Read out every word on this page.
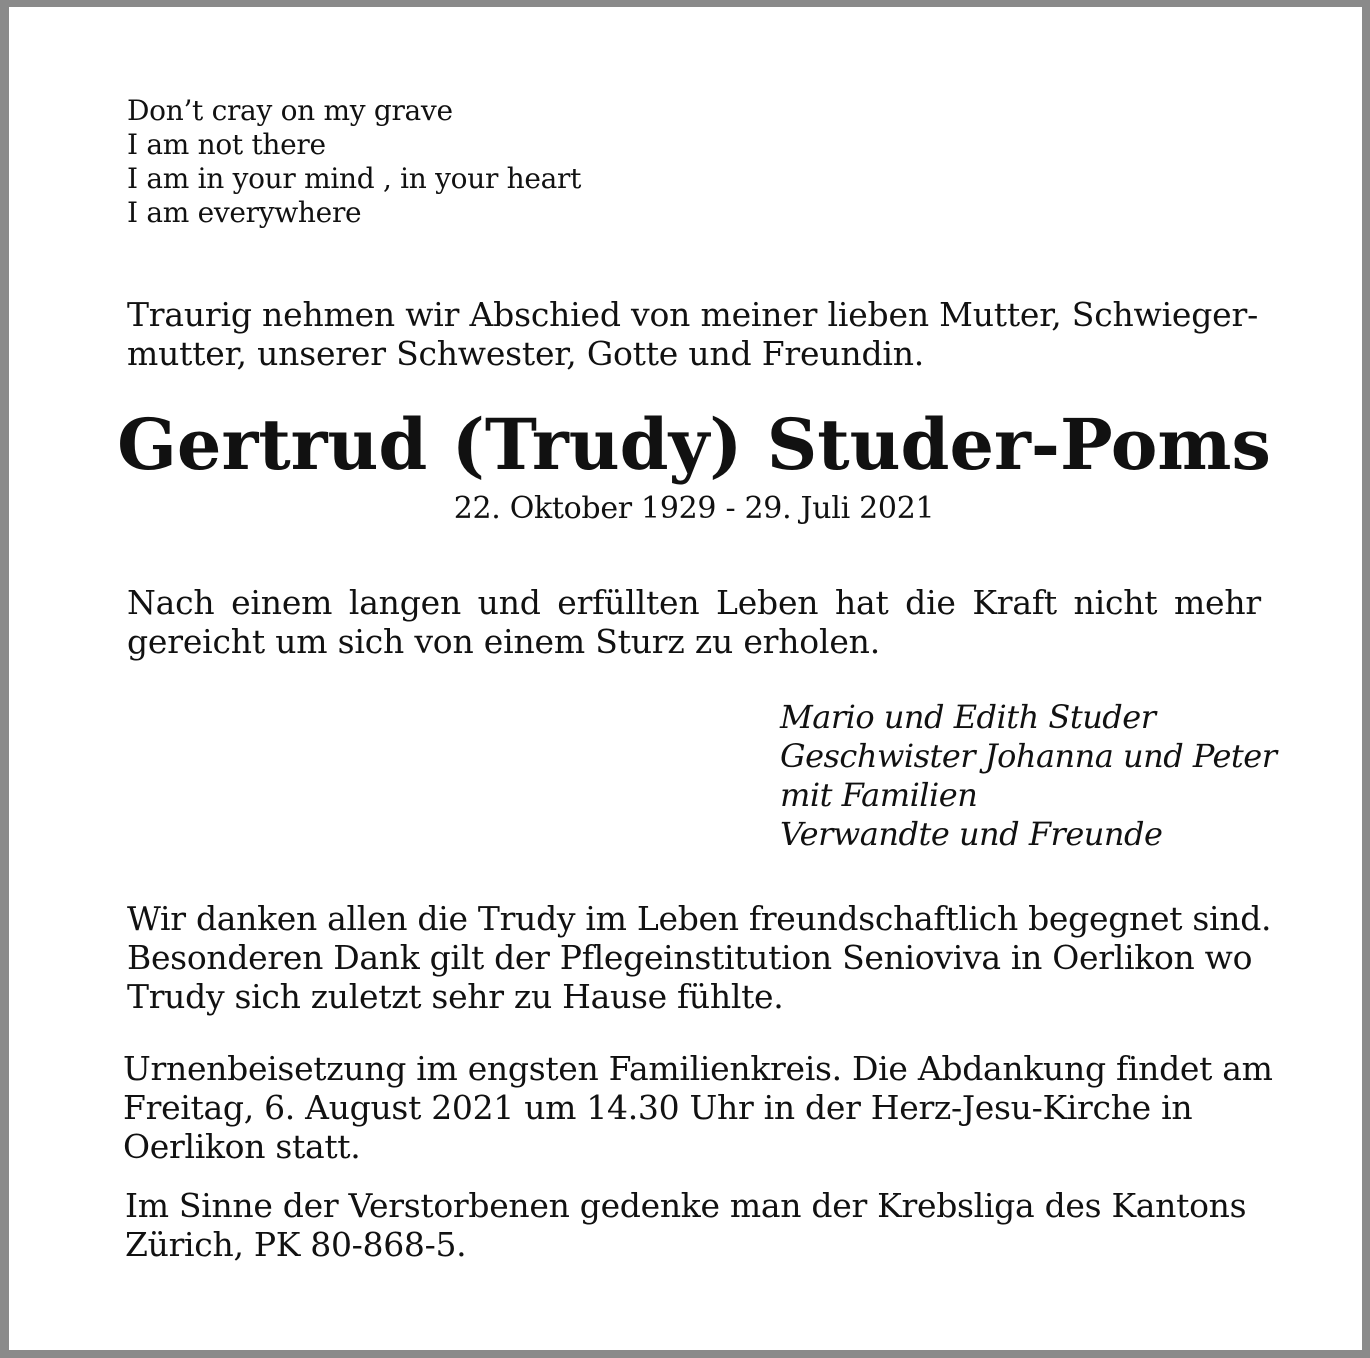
Don’t cray on my grave
I am not there
I am in your mind , in your heart
I am everywhere
Traurig nehmen wir Abschied von meiner lieben Mutter, Schwiegermutter, unserer Schwester, Gotte und Freundin.
Gertrud (Trudy) Studer-Poms
22. Oktober 1929 - 29. Juli 2021
Nach einem langen und erfüllten Leben hat die Kraft nicht mehr gereicht um sich von einem Sturz zu erholen.
Mario und Edith Studer
Geschwister Johanna und Peter
mit Familien
Verwandte und Freunde
Wir danken allen die Trudy im Leben freundschaftlich begegnet sind. Besonderen Dank gilt der Pflegeinstitution Senioviva in Oerlikon wo Trudy sich zuletzt sehr zu Hause fühlte.
Urnenbeisetzung im engsten Familienkreis. Die Abdankung findet am Freitag, 6. August 2021 um 14.30 Uhr in der Herz-Jesu-Kirche in Oerlikon statt.
Im Sinne der Verstorbenen gedenke man der Krebsliga des Kantons Zürich, PK 80-868-5.
